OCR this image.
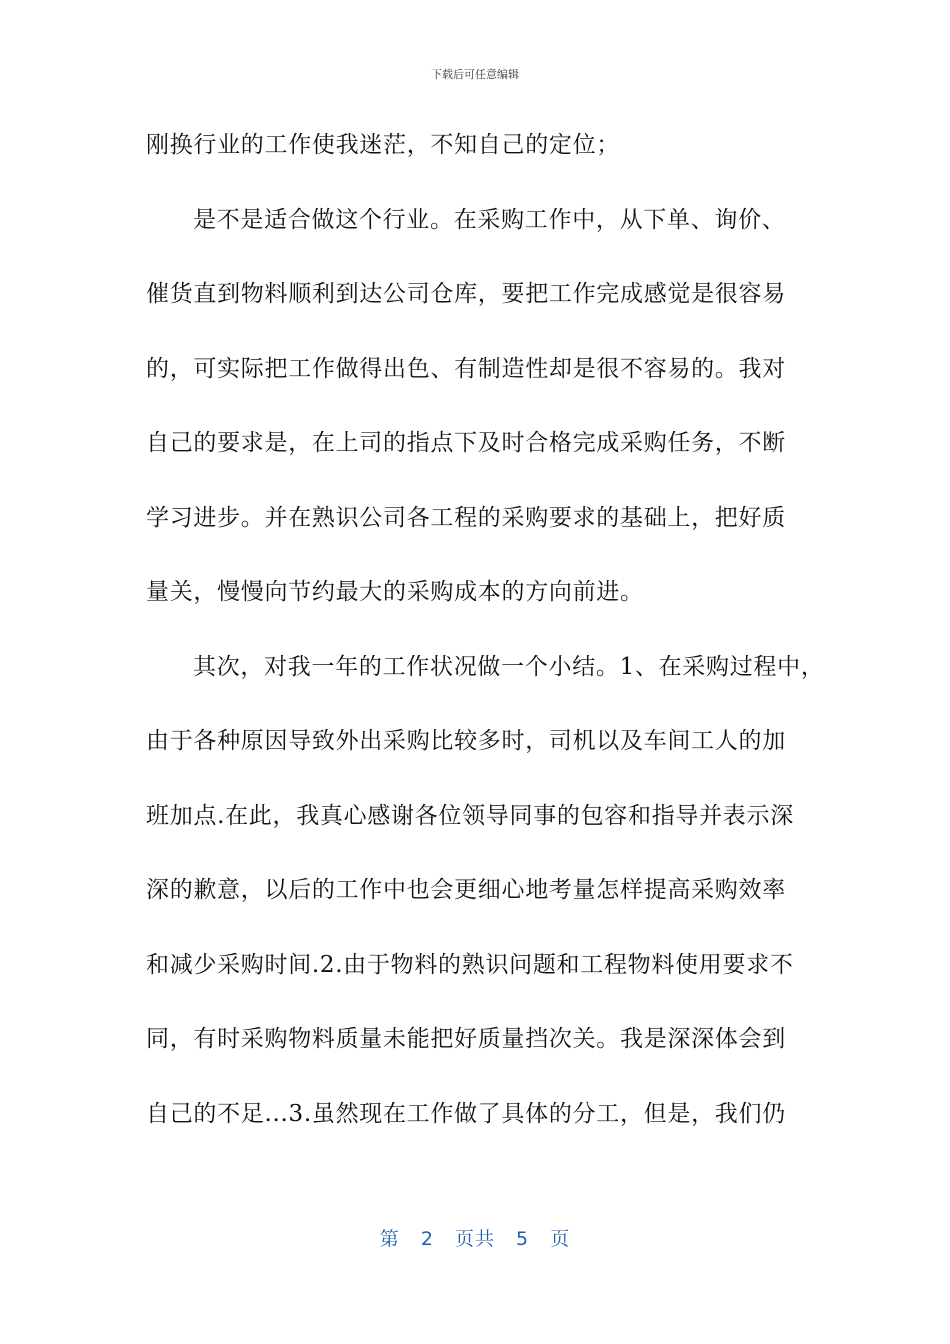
下载后可任意编辑
刚换行业的工作使我迷茫，不知自己的定位；
是不是适合做这个行业。在采购工作中，从下单、询价、
催货直到物料顺利到达公司仓库，要把工作完成感觉是很容易
的，可实际把工作做得出色、有制造性却是很不容易的。我对
自己的要求是，在上司的指点下及时合格完成采购任务，不断
学习进步。并在熟识公司各工程的采购要求的基础上，把好质
量关，慢慢向节约最大的采购成本的方向前进。
其次，对我一年的工作状况做一个小结。1、在采购过程中，
由于各种原因导致外出采购比较多时，司机以及车间工人的加
班加点.在此，我真心感谢各位领导同事的包容和指导并表示深
深的歉意，以后的工作中也会更细心地考量怎样提高采购效率
和减少采购时间.2.由于物料的熟识问题和工程物料使用要求不
同，有时采购物料质量未能把好质量挡次关。我是深深体会到
自己的不足...3.虽然现在工作做了具体的分工，但是，我们仍
第 2 页共 5 页
